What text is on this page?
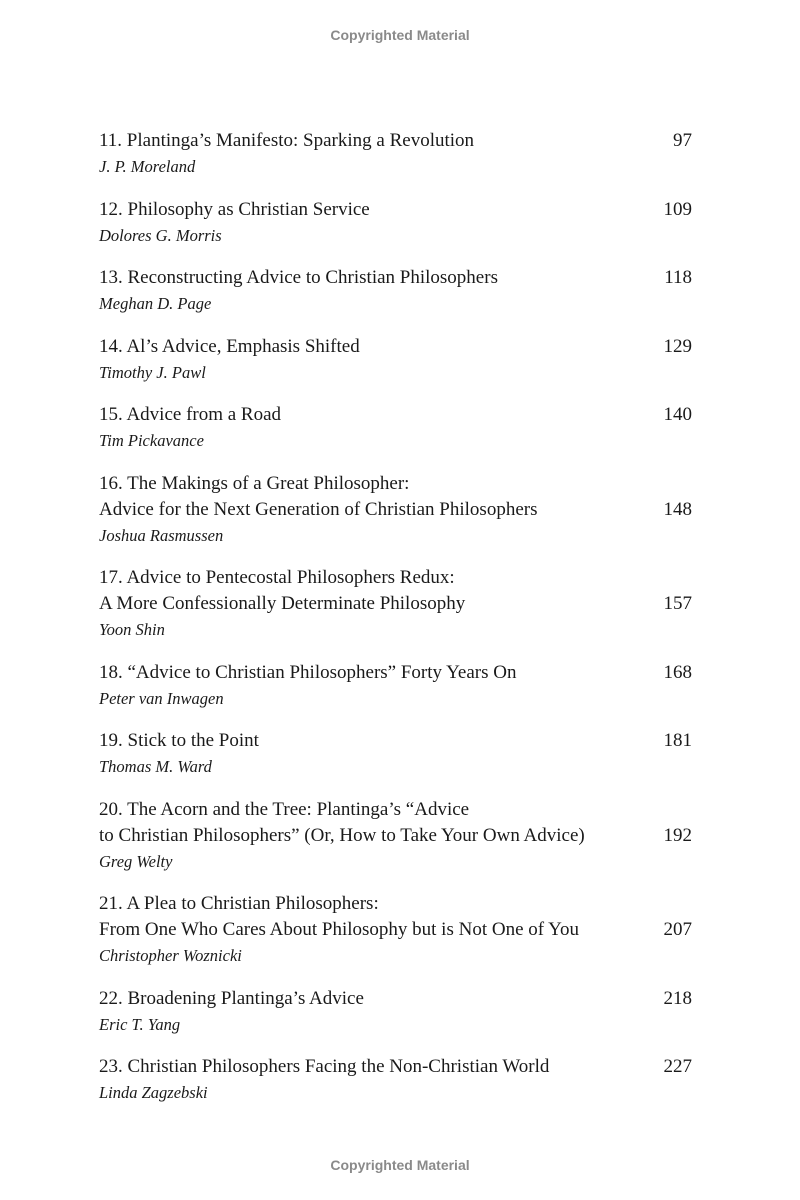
Copyrighted Material
11. Plantinga’s Manifesto: Sparking a Revolution	97
J. P. Moreland
12. Philosophy as Christian Service	109
Dolores G. Morris
13. Reconstructing Advice to Christian Philosophers	118
Meghan D. Page
14. Al’s Advice, Emphasis Shifted	129
Timothy J. Pawl
15. Advice from a Road	140
Tim Pickavance
16. The Makings of a Great Philosopher:
Advice for the Next Generation of Christian Philosophers	148
Joshua Rasmussen
17. Advice to Pentecostal Philosophers Redux:
A More Confessionally Determinate Philosophy	157
Yoon Shin
18. “Advice to Christian Philosophers” Forty Years On	168
Peter van Inwagen
19. Stick to the Point	181
Thomas M. Ward
20. The Acorn and the Tree: Plantinga’s “Advice
to Christian Philosophers” (Or, How to Take Your Own Advice)	192
Greg Welty
21. A Plea to Christian Philosophers:
From One Who Cares About Philosophy but is Not One of You	207
Christopher Woznicki
22. Broadening Plantinga’s Advice	218
Eric T. Yang
23. Christian Philosophers Facing the Non-Christian World	227
Linda Zagzebski
Copyrighted Material
